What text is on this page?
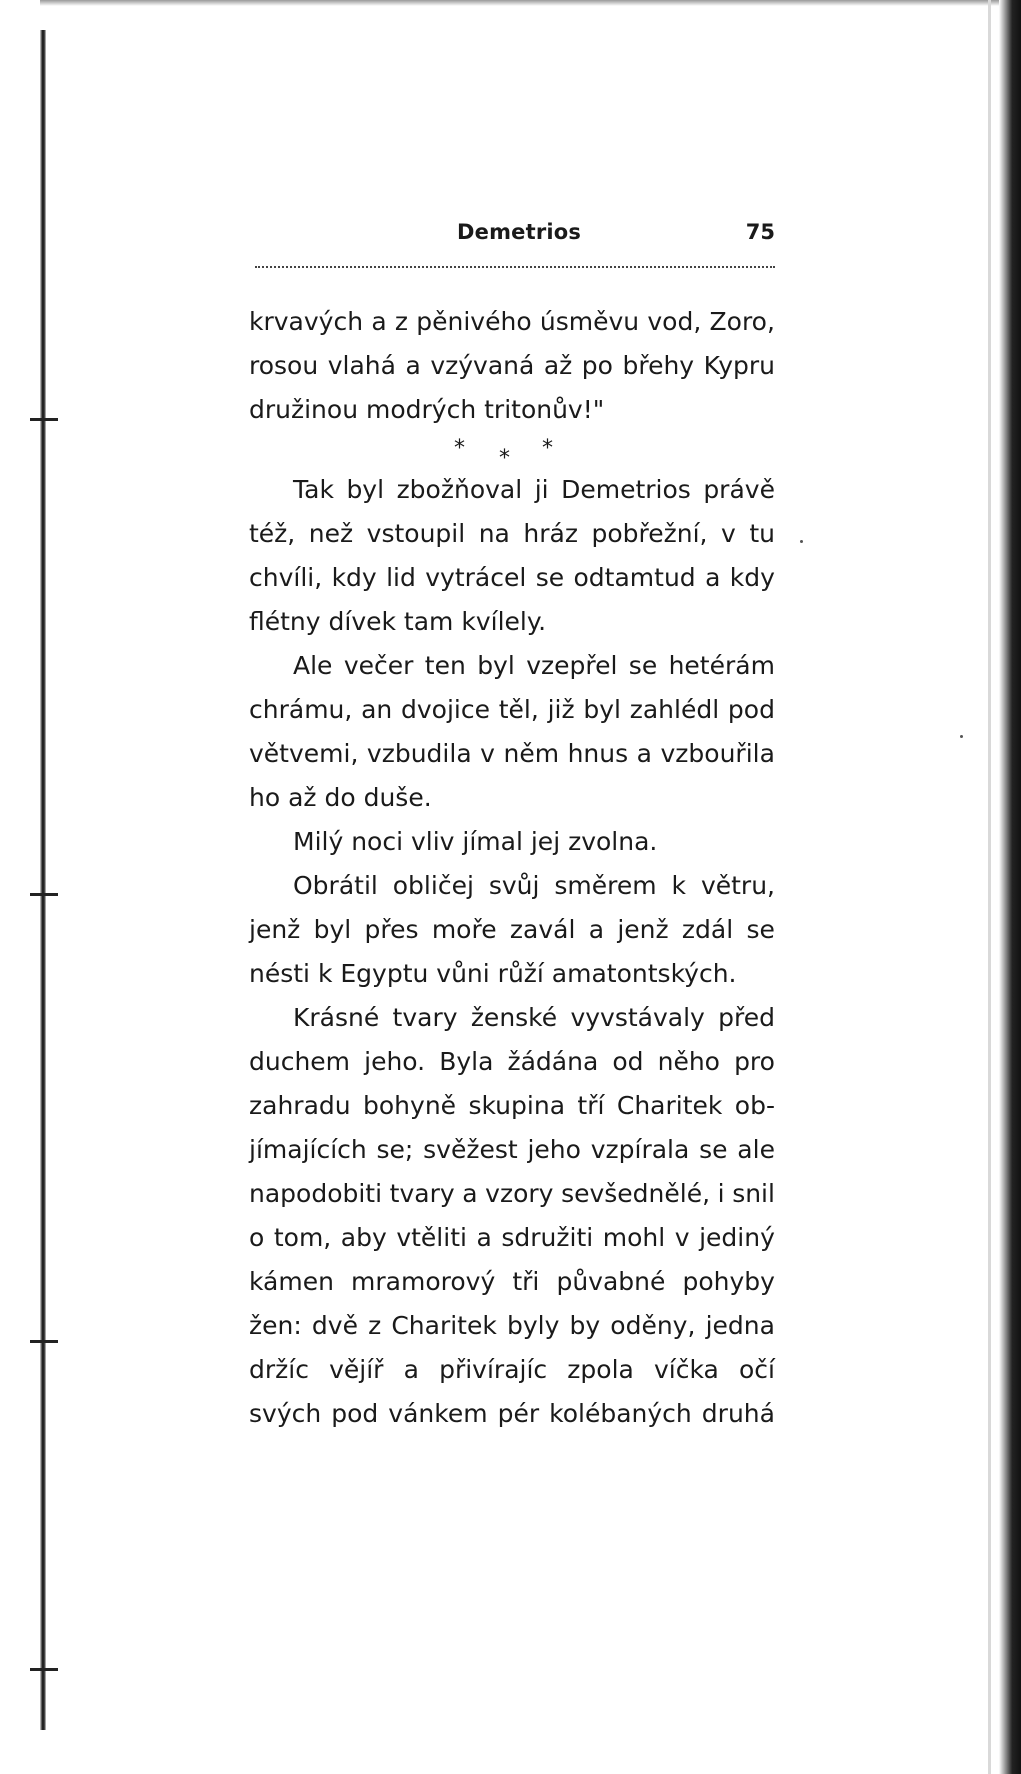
Demetrios	75
krvavých a z pěnivého úsměvu vod, Zoro,
rosou vlahá a vzývaná až po břehy Kypru
družinou modrých tritonův!"
* * *
Tak byl zbožňoval ji Demetrios právě
též, než vstoupil na hráz pobřežní, v tu
chvíli, kdy lid vytrácel se odtamtud a kdy
flétny dívek tam kvílely.
Ale večer ten byl vzepřel se hetérám
chrámu, an dvojice těl, již byl zahlédl pod
větvemi, vzbudila v něm hnus a vzbouřila
ho až do duše.
Milý noci vliv jímal jej zvolna.
Obrátil obličej svůj směrem k větru,
jenž byl přes moře zavál a jenž zdál se
nésti k Egyptu vůni růží amatontských.
Krásné tvary ženské vyvstávaly před
duchem jeho. Byla žádána od něho pro
zahradu bohyně skupina tří Charitek ob-
jímajících se; svěžest jeho vzpírala se ale
napodobiti tvary a vzory sevšednělé, i snil
o tom, aby vtěliti a sdružiti mohl v jediný
kámen mramorový tři půvabné pohyby
žen: dvě z Charitek byly by oděny, jedna
držíc vějíř a přivírajíc zpola víčka očí
svých pod vánkem pér kolébaných druhá
